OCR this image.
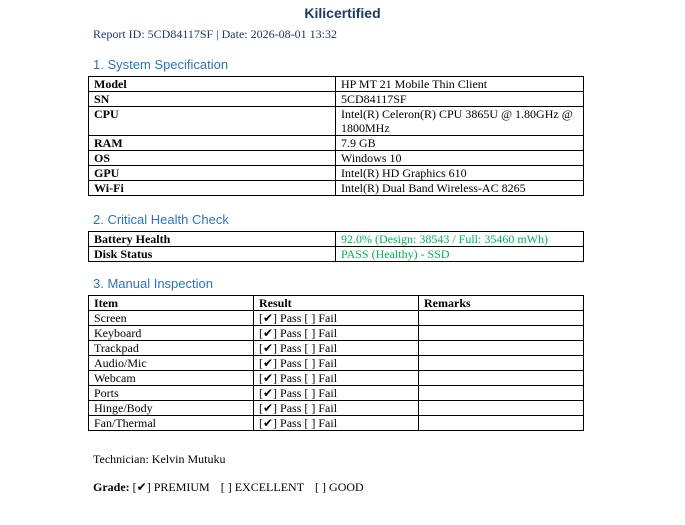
Kilicertified
Report ID: 5CD84117SF | Date: 2026-08-01 13:32
1. System Specification
Model	HP MT 21 Mobile Thin Client
SN	5CD84117SF
CPU	Intel(R) Celeron(R) CPU 3865U @ 1.80GHz @ 1800MHz
RAM	7.9 GB
OS	Windows 10
GPU	Intel(R) HD Graphics 610
Wi-Fi	Intel(R) Dual Band Wireless-AC 8265
2. Critical Health Check
Battery Health	92.0% (Design: 38543 / Full: 35460 mWh)
Disk Status	PASS (Healthy) - SSD
3. Manual Inspection
Item	Result	Remarks
Screen	[✔] Pass [ ] Fail	
Keyboard	[✔] Pass [ ] Fail	
Trackpad	[✔] Pass [ ] Fail	
Audio/Mic	[✔] Pass [ ] Fail	
Webcam	[✔] Pass [ ] Fail	
Ports	[✔] Pass [ ] Fail	
Hinge/Body	[✔] Pass [ ] Fail	
Fan/Thermal	[✔] Pass [ ] Fail	
Technician: Kelvin Mutuku
Grade: [✔] PREMIUM [ ] EXCELLENT [ ] GOOD
